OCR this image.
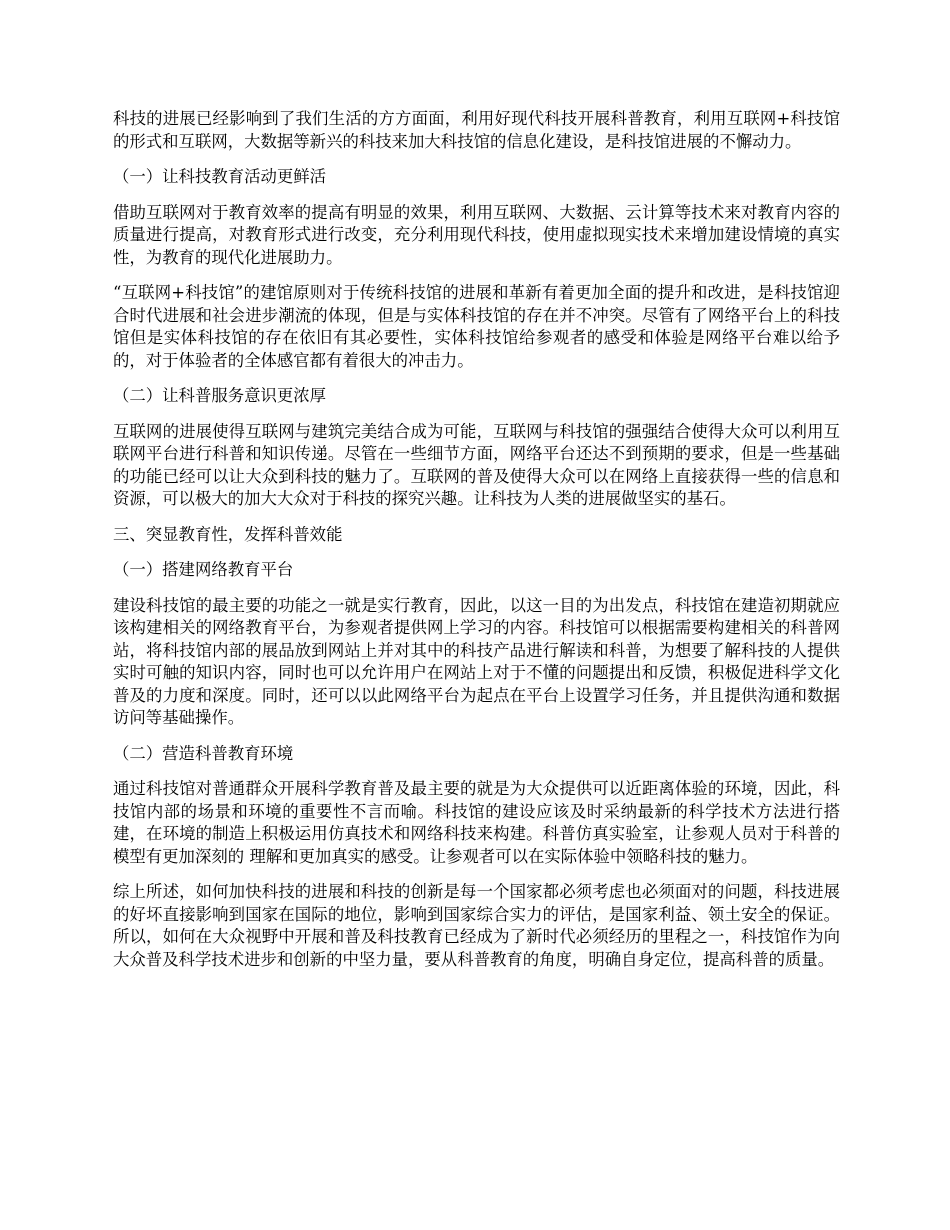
科技的进展已经影响到了我们生活的方方面面，利用好现代科技开展科普教育，利用互联网+科技馆的形式和互联网，大数据等新兴的科技来加大科技馆的信息化建设，是科技馆进展的不懈动力。

（一）让科技教育活动更鲜活

借助互联网对于教育效率的提高有明显的效果，利用互联网、大数据、云计算等技术来对教育内容的质量进行提高，对教育形式进行改变，充分利用现代科技，使用虚拟现实技术来增加建设情境的真实性，为教育的现代化进展助力。

“互联网+科技馆”的建馆原则对于传统科技馆的进展和革新有着更加全面的提升和改进，是科技馆迎合时代进展和社会进步潮流的体现，但是与实体科技馆的存在并不冲突。尽管有了网络平台上的科技馆但是实体科技馆的存在依旧有其必要性，实体科技馆给参观者的感受和体验是网络平台难以给予的，对于体验者的全体感官都有着很大的冲击力。

（二）让科普服务意识更浓厚

互联网的进展使得互联网与建筑完美结合成为可能，互联网与科技馆的强强结合使得大众可以利用互联网平台进行科普和知识传递。尽管在一些细节方面，网络平台还达不到预期的要求，但是一些基础的功能已经可以让大众到科技的魅力了。互联网的普及使得大众可以在网络上直接获得一些的信息和资源，可以极大的加大大众对于科技的探究兴趣。让科技为人类的进展做坚实的基石。

三、突显教育性，发挥科普效能

（一）搭建网络教育平台

建设科技馆的最主要的功能之一就是实行教育，因此，以这一目的为出发点，科技馆在建造初期就应该构建相关的网络教育平台，为参观者提供网上学习的内容。科技馆可以根据需要构建相关的科普网站，将科技馆内部的展品放到网站上并对其中的科技产品进行解读和科普，为想要了解科技的人提供实时可触的知识内容，同时也可以允许用户在网站上对于不懂的问题提出和反馈，积极促进科学文化普及的力度和深度。同时，还可以以此网络平台为起点在平台上设置学习任务，并且提供沟通和数据访问等基础操作。

（二）营造科普教育环境

通过科技馆对普通群众开展科学教育普及最主要的就是为大众提供可以近距离体验的环境，因此，科技馆内部的场景和环境的重要性不言而喻。科技馆的建设应该及时采纳最新的科学技术方法进行搭建，在环境的制造上积极运用仿真技术和网络科技来构建。科普仿真实验室，让参观人员对于科普的模型有更加深刻的 理解和更加真实的感受。让参观者可以在实际体验中领略科技的魅力。

综上所述，如何加快科技的进展和科技的创新是每一个国家都必须考虑也必须面对的问题，科技进展的好坏直接影响到国家在国际的地位，影响到国家综合实力的评估，是国家利益、领土安全的保证。所以，如何在大众视野中开展和普及科技教育已经成为了新时代必须经历的里程之一，科技馆作为向大众普及科学技术进步和创新的中坚力量，要从科普教育的角度，明确自身定位，提高科普的质量。
